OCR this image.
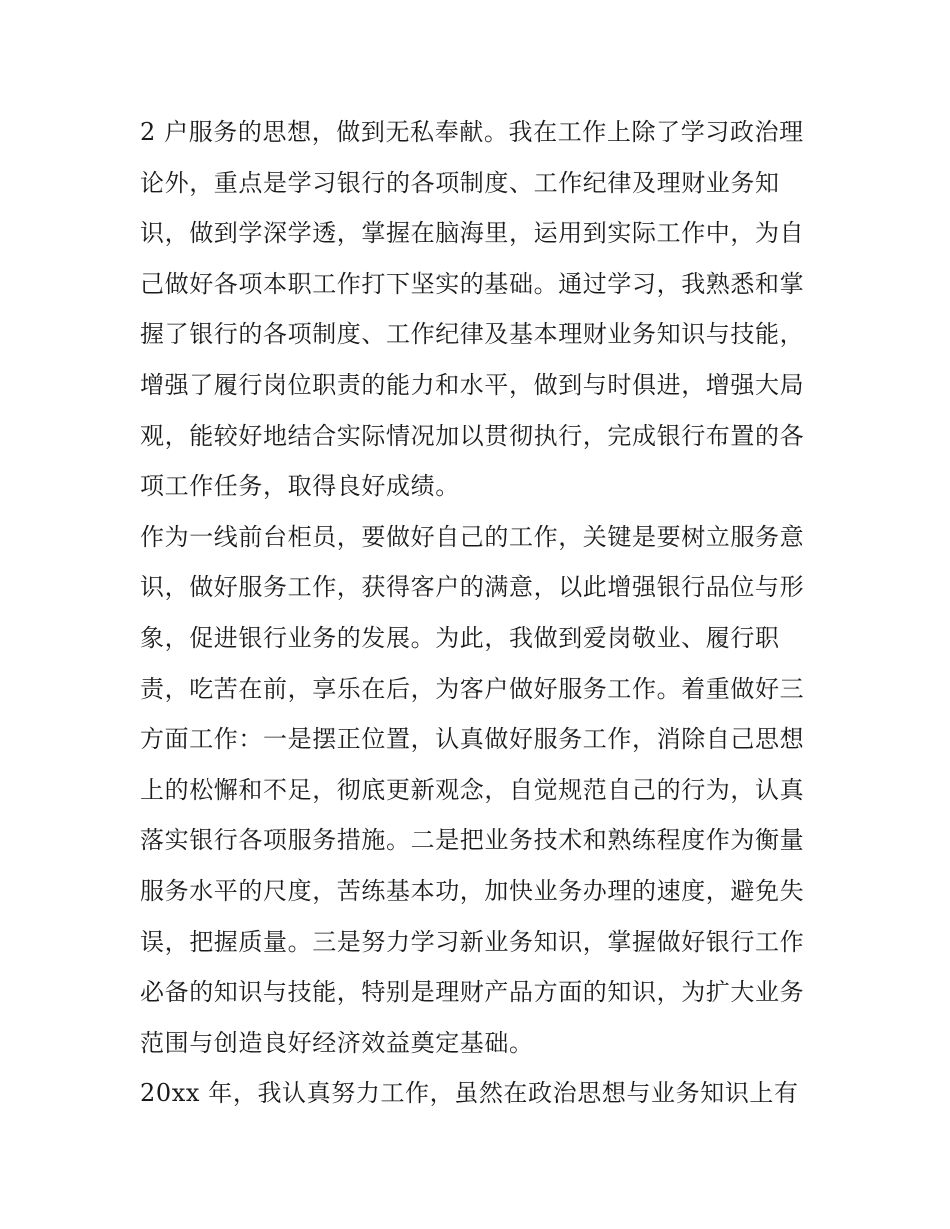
2 户服务的思想，做到无私奉献。我在工作上除了学习政治理
论外，重点是学习银行的各项制度、工作纪律及理财业务知
识，做到学深学透，掌握在脑海里，运用到实际工作中，为自
己做好各项本职工作打下坚实的基础。通过学习，我熟悉和掌
握了银行的各项制度、工作纪律及基本理财业务知识与技能，
增强了履行岗位职责的能力和水平，做到与时俱进，增强大局
观，能较好地结合实际情况加以贯彻执行，完成银行布置的各
项工作任务，取得良好成绩。
作为一线前台柜员，要做好自己的工作，关键是要树立服务意
识，做好服务工作，获得客户的满意，以此增强银行品位与形
象，促进银行业务的发展。为此，我做到爱岗敬业、履行职
责，吃苦在前，享乐在后，为客户做好服务工作。着重做好三
方面工作：一是摆正位置，认真做好服务工作，消除自己思想
上的松懈和不足，彻底更新观念，自觉规范自己的行为，认真
落实银行各项服务措施。二是把业务技术和熟练程度作为衡量
服务水平的尺度，苦练基本功，加快业务办理的速度，避免失
误，把握质量。三是努力学习新业务知识，掌握做好银行工作
必备的知识与技能，特别是理财产品方面的知识，为扩大业务
范围与创造良好经济效益奠定基础。
20xx 年，我认真努力工作，虽然在政治思想与业务知识上有
